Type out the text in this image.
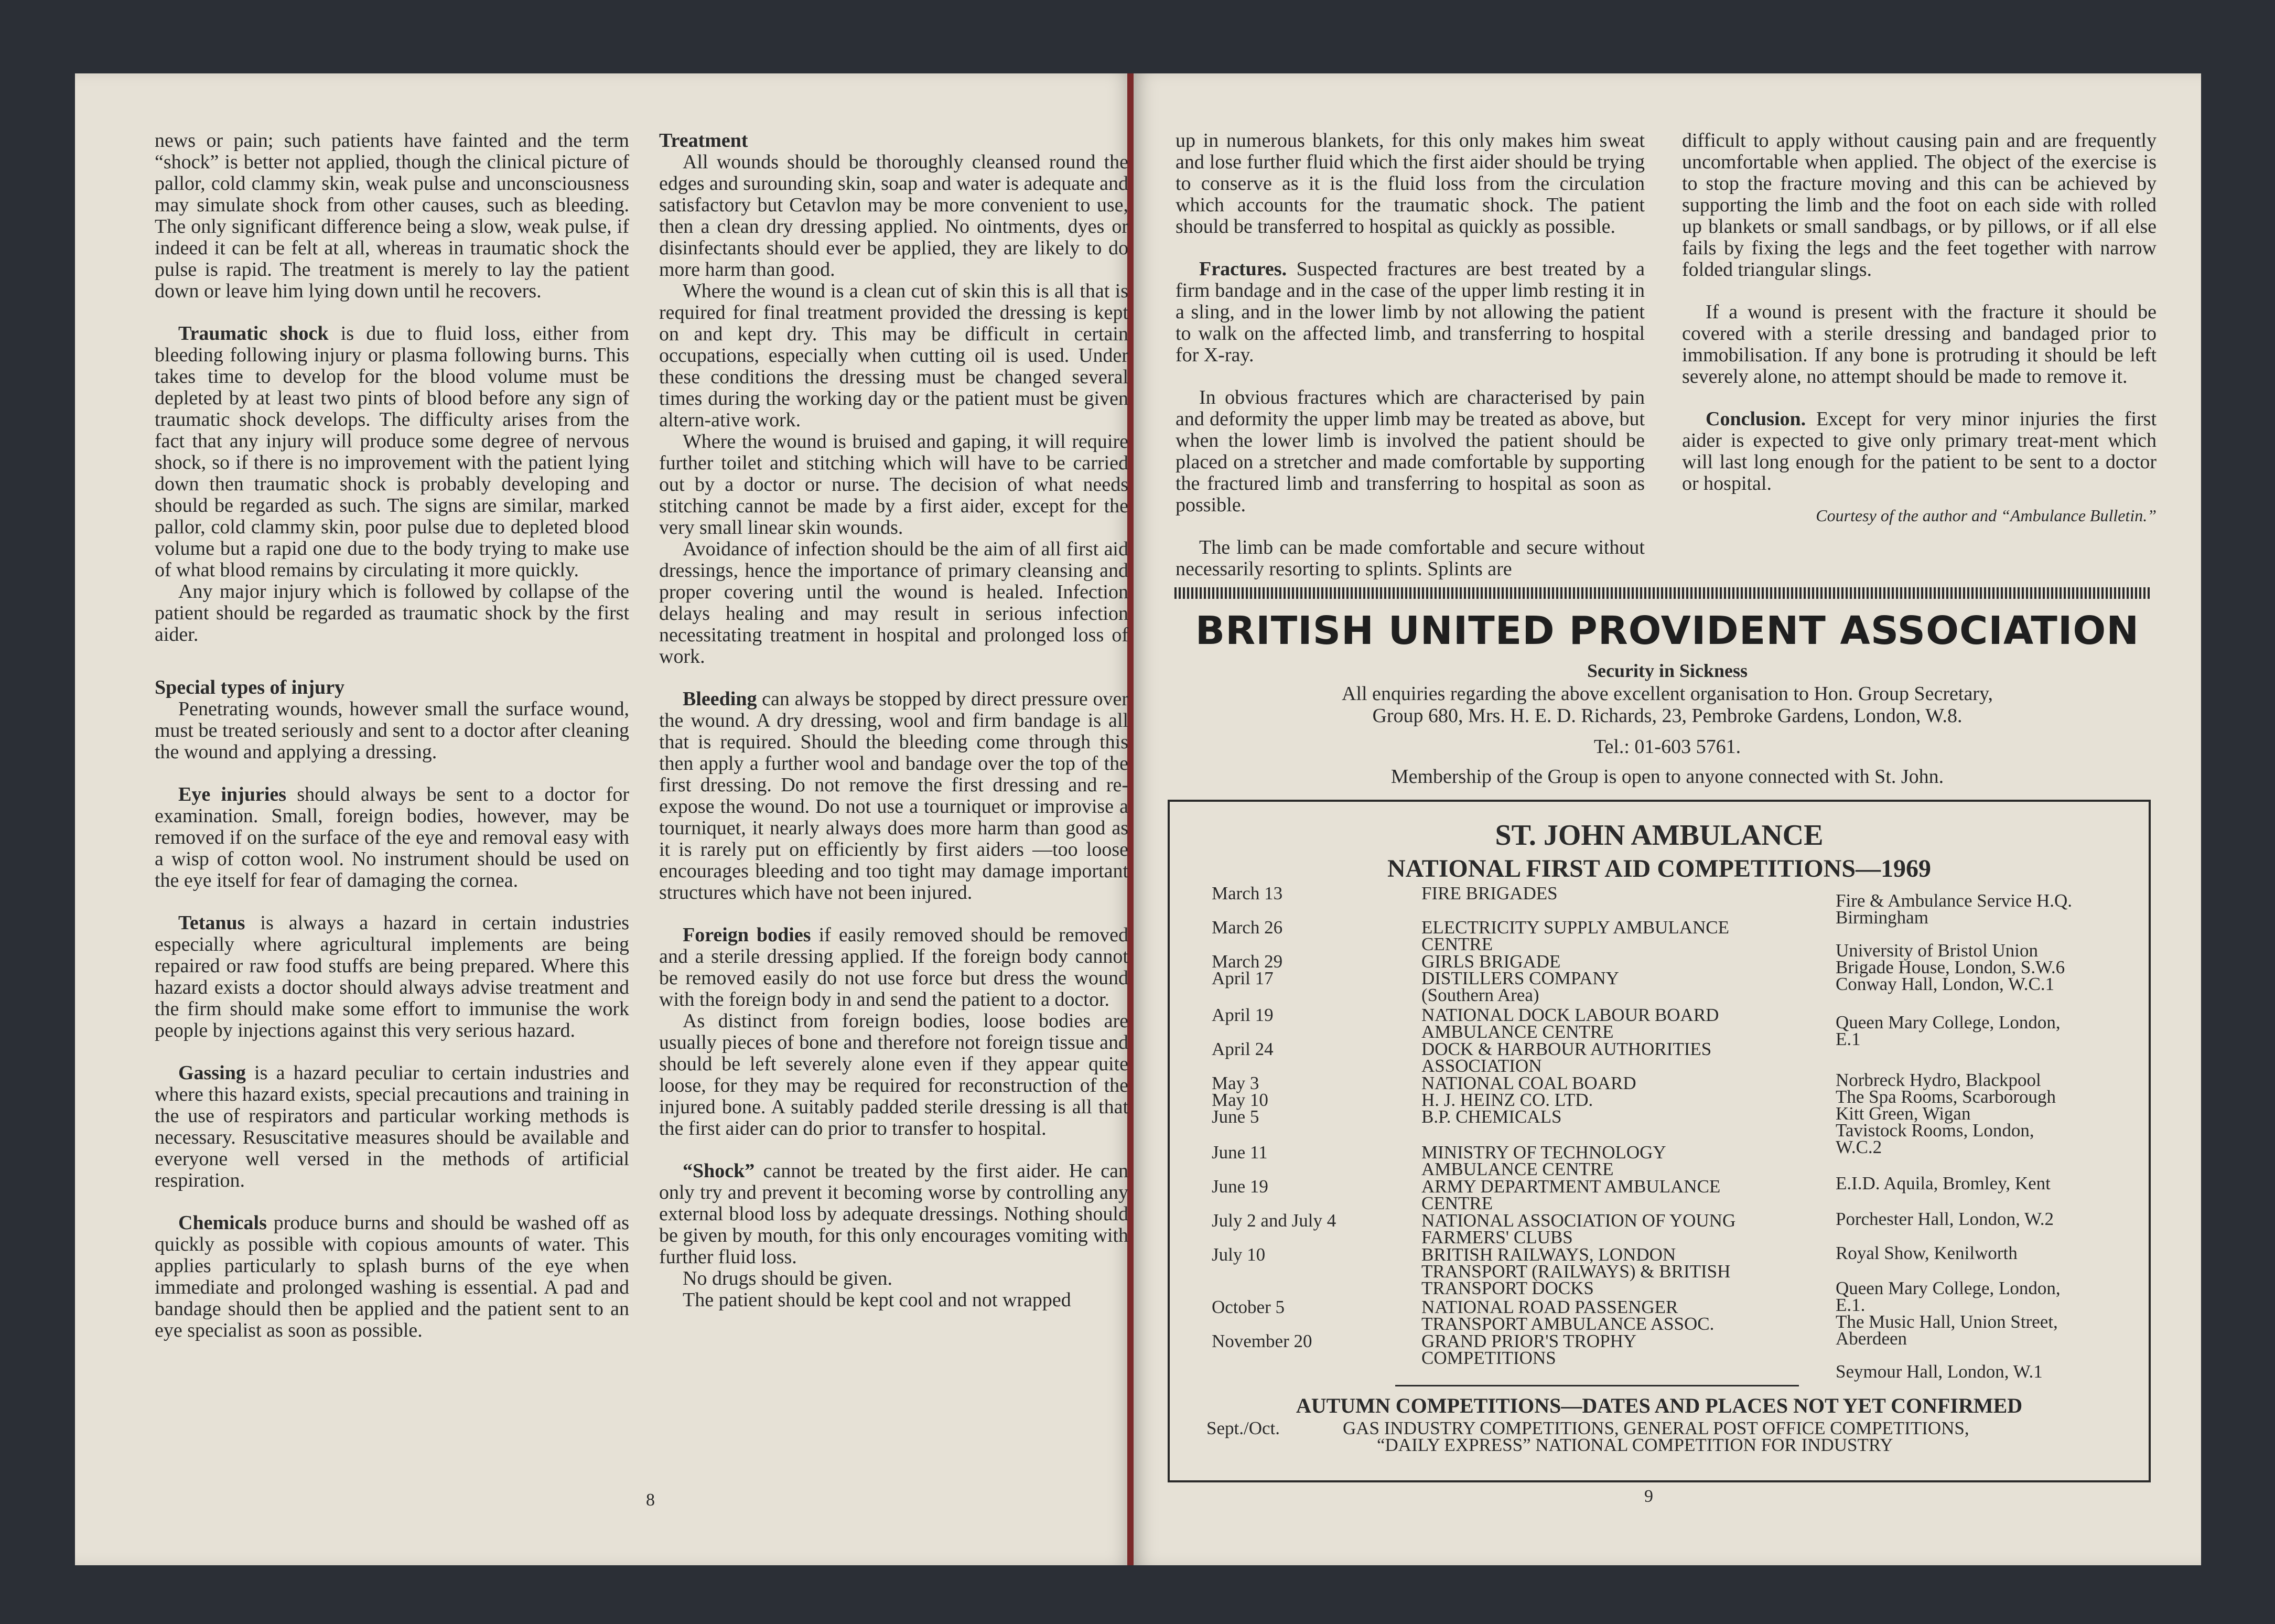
news or pain; such patients have fainted and the term “shock” is better not applied, though the clinical picture of pallor, cold clammy skin, weak pulse and unconsciousness may simulate shock from other causes, such as bleeding. The only significant difference being a slow, weak pulse, if indeed it can be felt at all, whereas in traumatic shock the pulse is rapid. The treatment is merely to lay the patient down or leave him lying down until he recovers.

Traumatic shock is due to fluid loss, either from bleeding following injury or plasma following burns. This takes time to develop for the blood volume must be depleted by at least two pints of blood before any sign of traumatic shock develops. The difficulty arises from the fact that any injury will produce some degree of nervous shock, so if there is no improvement with the patient lying down then traumatic shock is probably developing and should be regarded as such. The signs are similar, marked pallor, cold clammy skin, poor pulse due to depleted blood volume but a rapid one due to the body trying to make use of what blood remains by circulating it more quickly.

Any major injury which is followed by collapse of the patient should be regarded as traumatic shock by the first aider.

Special types of injury

Penetrating wounds, however small the surface wound, must be treated seriously and sent to a doctor after cleaning the wound and applying a dressing.

Eye injuries should always be sent to a doctor for examination. Small, foreign bodies, however, may be removed if on the surface of the eye and removal easy with a wisp of cotton wool. No instrument should be used on the eye itself for fear of damaging the cornea.

Tetanus is always a hazard in certain industries especially where agricultural implements are being repaired or raw food stuffs are being prepared. Where this hazard exists a doctor should always advise treatment and the firm should make some effort to immunise the work people by injections against this very serious hazard.

Gassing is a hazard peculiar to certain industries and where this hazard exists, special precautions and training in the use of respirators and particular working methods is necessary. Resuscitative measures should be available and everyone well versed in the methods of artificial respiration.

Chemicals produce burns and should be washed off as quickly as possible with copious amounts of water. This applies particularly to splash burns of the eye when immediate and prolonged washing is essential. A pad and bandage should then be applied and the patient sent to an eye specialist as soon as possible.

Treatment

All wounds should be thoroughly cleansed round the edges and surounding skin, soap and water is adequate and satisfactory but Cetavlon may be more convenient to use, then a clean dry dressing applied. No ointments, dyes or disinfectants should ever be applied, they are likely to do more harm than good.

Where the wound is a clean cut of skin this is all that is required for final treatment provided the dressing is kept on and kept dry. This may be difficult in certain occupations, especially when cutting oil is used. Under these conditions the dressing must be changed several times during the working day or the patient must be given altern-ative work.

Where the wound is bruised and gaping, it will require further toilet and stitching which will have to be carried out by a doctor or nurse. The decision of what needs stitching cannot be made by a first aider, except for the very small linear skin wounds.

Avoidance of infection should be the aim of all first aid dressings, hence the importance of primary cleansing and proper covering until the wound is healed. Infection delays healing and may result in serious infection necessitating treatment in hospital and prolonged loss of work.

Bleeding can always be stopped by direct pressure over the wound. A dry dressing, wool and firm bandage is all that is required. Should the bleeding come through this then apply a further wool and bandage over the top of the first dressing. Do not remove the first dressing and re-expose the wound. Do not use a tourniquet or improvise a tourniquet, it nearly always does more harm than good as it is rarely put on efficiently by first aiders —too loose encourages bleeding and too tight may damage important structures which have not been injured.

Foreign bodies if easily removed should be removed and a sterile dressing applied. If the foreign body cannot be removed easily do not use force but dress the wound with the foreign body in and send the patient to a doctor.

As distinct from foreign bodies, loose bodies are usually pieces of bone and therefore not foreign tissue and should be left severely alone even if they appear quite loose, for they may be required for reconstruction of the injured bone. A suitably padded sterile dressing is all that the first aider can do prior to transfer to hospital.

“Shock” cannot be treated by the first aider. He can only try and prevent it becoming worse by controlling any external blood loss by adequate dressings. Nothing should be given by mouth, for this only encourages vomiting with further fluid loss.

No drugs should be given.

The patient should be kept cool and not wrapped

8

up in numerous blankets, for this only makes him sweat and lose further fluid which the first aider should be trying to conserve as it is the fluid loss from the circulation which accounts for the traumatic shock. The patient should be transferred to hospital as quickly as possible.

Fractures. Suspected fractures are best treated by a firm bandage and in the case of the upper limb resting it in a sling, and in the lower limb by not allowing the patient to walk on the affected limb, and transferring to hospital for X-ray.

In obvious fractures which are characterised by pain and deformity the upper limb may be treated as above, but when the lower limb is involved the patient should be placed on a stretcher and made comfortable by supporting the fractured limb and transferring to hospital as soon as possible.

The limb can be made comfortable and secure without necessarily resorting to splints. Splints are

difficult to apply without causing pain and are frequently uncomfortable when applied. The object of the exercise is to stop the fracture moving and this can be achieved by supporting the limb and the foot on each side with rolled up blankets or small sandbags, or by pillows, or if all else fails by fixing the legs and the feet together with narrow folded triangular slings.

If a wound is present with the fracture it should be covered with a sterile dressing and bandaged prior to immobilisation. If any bone is protruding it should be left severely alone, no attempt should be made to remove it.

Conclusion. Except for very minor injuries the first aider is expected to give only primary treat-ment which will last long enough for the patient to be sent to a doctor or hospital.

Courtesy of the author and “Ambulance Bulletin.”

BRITISH UNITED PROVIDENT ASSOCIATION
Security in Sickness
All enquiries regarding the above excellent organisation to Hon. Group Secretary,
Group 680, Mrs. H. E. D. Richards, 23, Pembroke Gardens, London, W.8.
Tel.: 01-603 5761.
Membership of the Group is open to anyone connected with St. John.
ST. JOHN AMBULANCE
NATIONAL FIRST AID COMPETITIONS—1969
March 13
March 26
March 29
April 17
April 19
April 24
May 3
May 10
June 5
June 11
June 19
July 2 and July 4
July 10
October 5
November 20
FIRE BRIGADES
ELECTRICITY SUPPLY AMBULANCE
CENTRE
GIRLS BRIGADE
DISTILLERS COMPANY
(Southern Area)
NATIONAL DOCK LABOUR BOARD
AMBULANCE CENTRE
DOCK & HARBOUR AUTHORITIES
ASSOCIATION
NATIONAL COAL BOARD
H. J. HEINZ CO. LTD.
B.P. CHEMICALS
MINISTRY OF TECHNOLOGY
AMBULANCE CENTRE
ARMY DEPARTMENT AMBULANCE
CENTRE
NATIONAL ASSOCIATION OF YOUNG
FARMERS' CLUBS
BRITISH RAILWAYS, LONDON
TRANSPORT (RAILWAYS) & BRITISH
TRANSPORT DOCKS
NATIONAL ROAD PASSENGER
TRANSPORT AMBULANCE ASSOC.
GRAND PRIOR'S TROPHY
COMPETITIONS
Fire & Ambulance Service H.Q.
Birmingham
University of Bristol Union
Brigade House, London, S.W.6
Conway Hall, London, W.C.1
Queen Mary College, London,
E.1
Norbreck Hydro, Blackpool
The Spa Rooms, Scarborough
Kitt Green, Wigan
Tavistock Rooms, London,
W.C.2
E.I.D. Aquila, Bromley, Kent
Porchester Hall, London, W.2
Royal Show, Kenilworth
Queen Mary College, London,
E.1.
The Music Hall, Union Street,
Aberdeen
Seymour Hall, London, W.1
AUTUMN COMPETITIONS—DATES AND PLACES NOT YET CONFIRMED
Sept./Oct.	GAS INDUSTRY COMPETITIONS, GENERAL POST OFFICE COMPETITIONS,
“DAILY EXPRESS” NATIONAL COMPETITION FOR INDUSTRY
9
